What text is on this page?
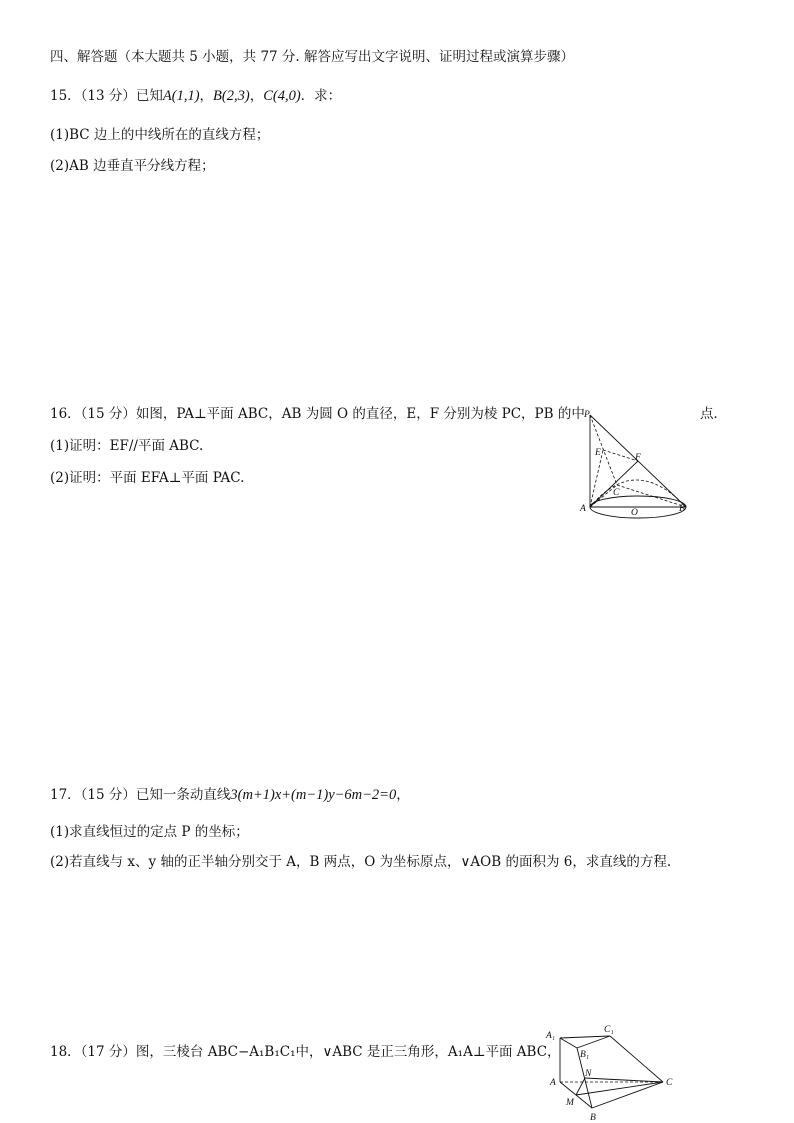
四、解答题（本大题共 5 小题，共 77 分. 解答应写出文字说明、证明过程或演算步骤）
15．（13 分）已知A(1,1)，B(2,3)，C(4,0)．求：
(1)BC 边上的中线所在的直线方程；
(2)AB 边垂直平分线方程；
16．（15 分）如图，PA⊥平面 ABC，AB 为圆 O 的直径，E，F 分别为棱 PC，PB 的中	点．
(1)证明：EF//平面 ABC.
(2)证明：平面 EFA⊥平面 PAC.
P
E	F
C
A	O	B
17．（15 分）已知一条动直线3(m+1)x+(m−1)y−6m−2=0，
(1)求直线恒过的定点 P 的坐标；
(2)若直线与 x、y 轴的正半轴分别交于 A，B 两点，O 为坐标原点，∨AOB 的面积为 6，求直线的方程.
18．（17 分）图，三棱台 ABC−A₁B₁C₁中，∨ABC 是正三角形，A₁A⊥平面 ABC，
A₁
C₁
B₁
N
A	C
M
B
